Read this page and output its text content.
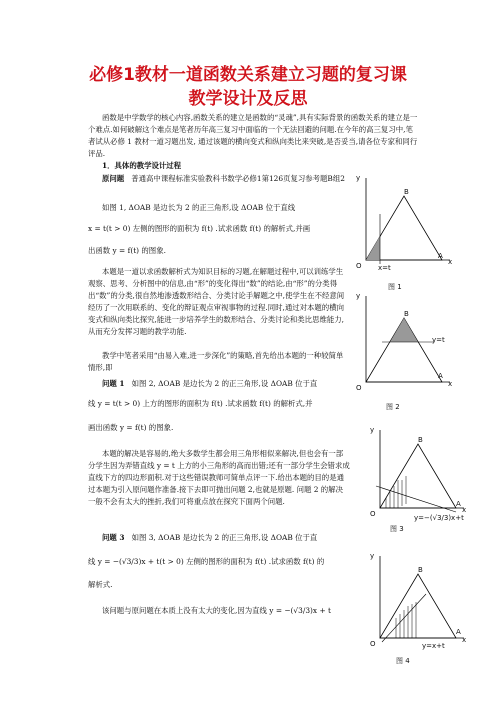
必修1教材一道函数关系建立习题的复习课
教学设计及反思
函数是中学数学的核心内容,函数关系的建立是函数的“灵魂”,具有实际背景的函数关系的建立是一个难点.如何破解这个难点是笔者历年高三复习中面临的一个无法回避的问题.在今年的高三复习中,笔者试从必修 1 教材一道习题出发, 通过该题的横向变式和纵向类比来突破,是否妥当,请各位专家和同行评品.
1．具体的教学设计过程
原问题 普通高中课程标准实验教科书数学必修1第126页复习参考题B组2
如图 1, ΔOAB 是边长为 2 的正三角形,设 ΔOAB 位于直线
x = t(t > 0) 左侧的图形的面积为 f(t) .试求函数 f(t) 的解析式,并画
出函数 y = f(t) 的图象.
本题是一道以求函数解析式为知识目标的习题,在解题过程中,可以训练学生观察、思考、分析图中的信息,由“形”的变化得出“数”的结论,由“形”的分类得出“数”的分类,很自然地渗透数形结合、分类讨论手解题之中,使学生在不经意间经历了一次用联系的、变化的辩证观点审视事物的过程.同时,通过对本题的横向变式和纵向类比探究,能进一步培养学生的数形结合、分类讨论和类比思维能力,从而充分发挥习题的教学功能.
教学中笔者采用“由易入难,进一步深化”的策略,首先给出本题的一种较简单情形,即
问题 1 如图 2, ΔOAB 是边长为 2 的正三角形,设 ΔOAB 位于直
线 y = t(t > 0) 上方的图形的面积为 f(t) .试求函数 f(t) 的解析式,并
画出函数 y = f(t) 的图象.
本题的解决是容易的,绝大多数学生都会用三角形相似来解决,但也会有一部分学生因为弄错直线 y = t 上方的小三角形的高而出错;还有一部分学生会错求成直线下方的四边形面积.对于这些错误教师可简单点评一下.给出本题的目的是通过本题为引入原问题作准备.接下去即可抛出问题 2,也就是原题. 问题 2 的解决一般不会有太大的挫折,我们可将重点放在探究下面两个问题.
问题 3 如图 3, ΔOAB 是边长为 2 的正三角形,设 ΔOAB 位于直
线 y = −(√3/3)x + t(t > 0) 左侧的图形的面积为 f(t) .试求函数 f(t) 的
解析式.
该问题与原问题在本质上没有太大的变化,因为直线 y = −(√3/3)x + t
y
x
O
A
B
x=t
图 1
y
x
O
A
B
y=t
图 2
y
x
O
A
B
y=−(√3/3)x+t
图 3
y
x
O
A
B
y=x+t
图 4
